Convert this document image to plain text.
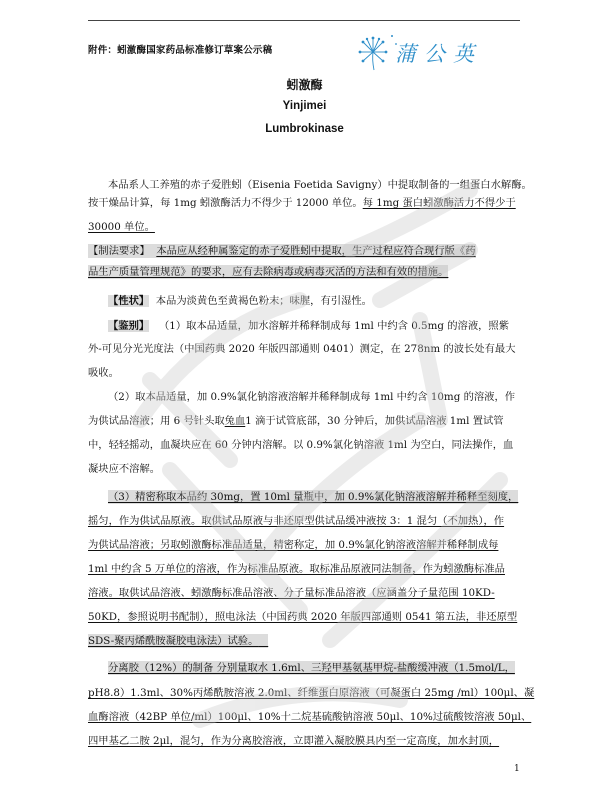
附件：蚓激酶国家药品标准修订草案公示稿	蒲公英
蚓激酶
Yinjimei
Lumbrokinase
本品系人工养殖的赤子爱胜蚓（Eisenia Foetida Savigny）中提取制备的一组蛋白水解酶。
按干燥品计算，每 1mg 蚓激酶活力不得少于 12000 单位。每 1mg 蛋白蚓激酶活力不得少于
30000 单位。
【制法要求】 本品应从经种属鉴定的赤子爱胜蚓中提取，生产过程应符合现行版《药
品生产质量管理规范》的要求，应有去除病毒或病毒灭活的方法和有效的措施。
【性状】 本品为淡黄色至黄褐色粉末；味腥，有引湿性。
【鉴别】 （1）取本品适量，加水溶解并稀释制成每 1ml 中约含 0.5mg 的溶液，照紫
外-可见分光光度法（中国药典 2020 年版四部通则 0401）测定，在 278nm 的波长处有最大
吸收。
（2）取本品适量，加 0.9%氯化钠溶液溶解并稀释制成每 1ml 中约含 10mg 的溶液，作
为供试品溶液；用 6 号针头取兔血1 滴于试管底部，30 分钟后，加供试品溶液 1ml 置试管
中，轻轻摇动，血凝块应在 60 分钟内溶解。以 0.9%氯化钠溶液 1ml 为空白，同法操作，血
凝块应不溶解。
（3）精密称取本品约 30mg，置 10ml 量瓶中，加 0.9%氯化钠溶液溶解并稀释至刻度，
摇匀，作为供试品原液。取供试品原液与非还原型供试品缓冲液按 3：1 混匀（不加热），作
为供试品溶液；另取蚓激酶标准品适量，精密称定，加 0.9%氯化钠溶液溶解并稀释制成每
1ml 中约含 5 万单位的溶液，作为标准品原液。取标准品原液同法制备，作为蚓激酶标准品
溶液。取供试品溶液、蚓激酶标准品溶液、分子量标准品溶液（应涵盖分子量范围 10KD-
50KD，参照说明书配制），照电泳法（中国药典 2020 年版四部通则 0541 第五法，非还原型
SDS-聚丙烯酰胺凝胶电泳法）试验。
分离胶（12%）的制备 分别量取水 1.6ml、三羟甲基氨基甲烷-盐酸缓冲液（1.5mol/L，
pH8.8）1.3ml、30%丙烯酰胺溶液 2.0ml、纤维蛋白原溶液（可凝蛋白 25mg /ml）100μl、凝
血酶溶液（42BP 单位/ml）100μl、10%十二烷基硫酸钠溶液 50μl、10%过硫酸铵溶液 50μl、
四甲基乙二胺 2μl，混匀，作为分离胶溶液，立即灌入凝胶膜具内至一定高度，加水封顶，
1
